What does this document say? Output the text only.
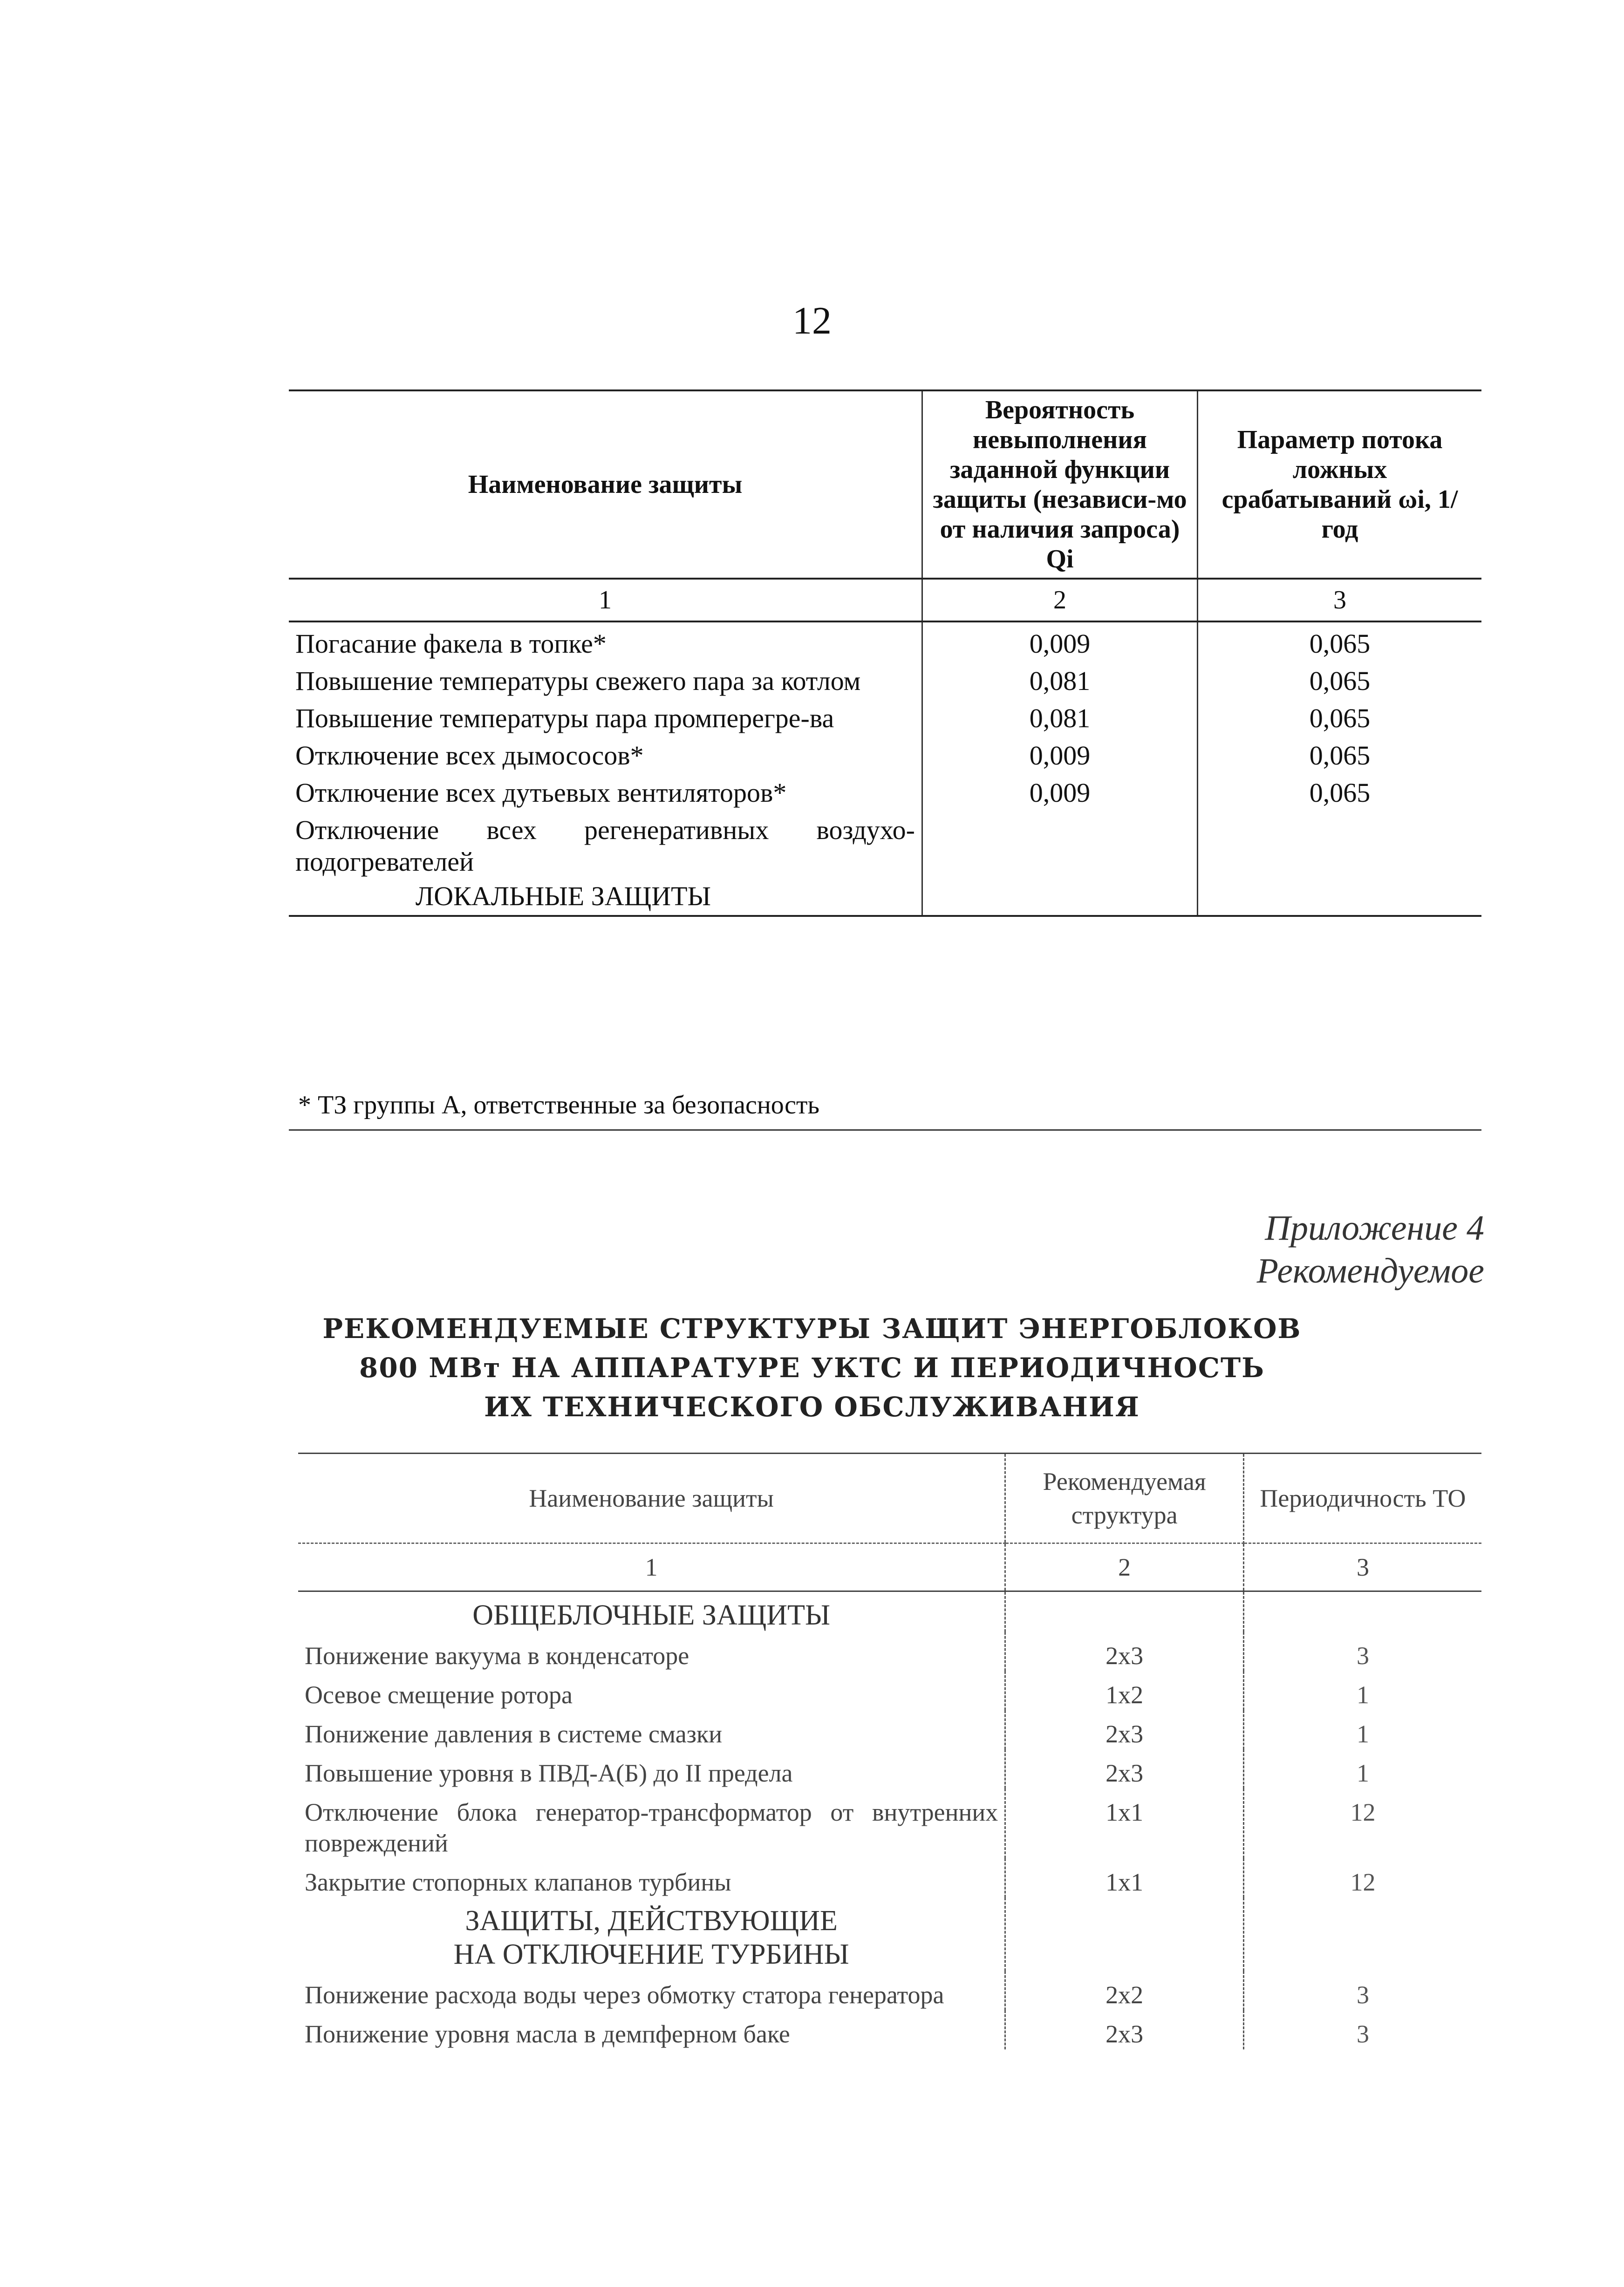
12
Наименование защиты	Вероятность невыполнения заданной функции защиты (независи-мо от наличия запроса) Qi	Параметр потока ложных срабатываний ωi, 1/год
1	2	3
Погасание факела в топке*	0,009	0,065
Повышение температуры свежего пара за котлом	0,081	0,065
Повышение температуры пара промперегре-ва	0,081	0,065
Отключение всех дымососов*	0,009	0,065
Отключение всех дутьевых вентиляторов*	0,009	0,065

Отключение всех регенеративных воздухо-подогревателей
ЛОКАЛЬНЫЕ ЗАЩИТЫ		

* ТЗ группы А, ответственные за безопасность
Приложение 4
Рекомендуемое
РЕКОМЕНДУЕМЫЕ СТРУКТУРЫ ЗАЩИТ ЭНЕРГОБЛОКОВ
800 МВт НА АППАРАТУРЕ УКТС И ПЕРИОДИЧНОСТЬ
ИХ ТЕХНИЧЕСКОГО ОБСЛУЖИВАНИЯ
Наименование защиты	Рекомендуемая структура	Периодичность ТО
1	2	3
ОБЩЕБЛОЧНЫЕ ЗАЩИТЫ		
Понижение вакуума в конденсаторе	2х3	3
Осевое смещение ротора	1х2	1
Понижение давления в системе смазки	2х3	1
Повышение уровня в ПВД-А(Б) до II предела	2х3	1
Отключение блока генератор-трансформатор от внутренних повреждений	1х1	12
Закрытие стопорных клапанов турбины	1х1	12

ЗАЩИТЫ, ДЕЙСТВУЮЩИЕ
НА ОТКЛЮЧЕНИЕ ТУРБИНЫ		

Понижение расхода воды через обмотку статора генератора	2х2	3
Понижение уровня масла в демпферном баке	2х3	3
